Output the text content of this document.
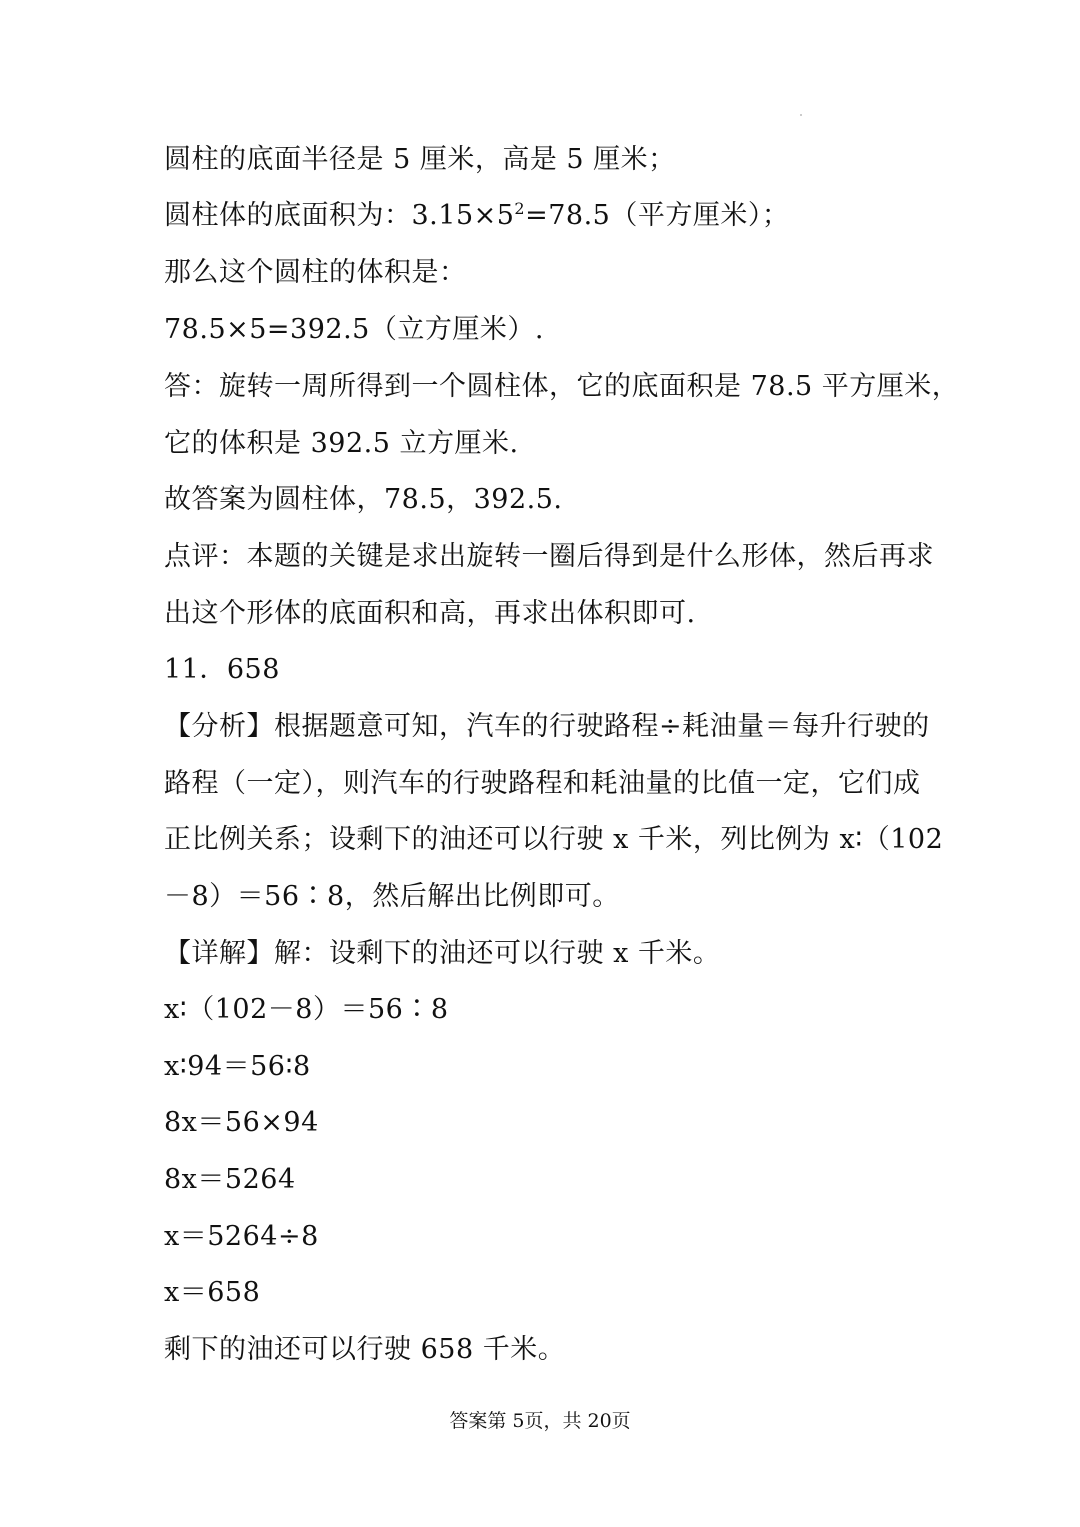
圆柱的底面半径是 5 厘米，高是 5 厘米；
圆柱体的底面积为：$3.15\times 5^2=78.5$（平方厘米）；
那么这个圆柱的体积是：
78.5×5=392.5（立方厘米）.
答：旋转一周所得到一个圆柱体，它的底面积是 78.5 平方厘米，
它的体积是 392.5 立方厘米.
故答案为圆柱体，78.5，392.5.
点评：本题的关键是求出旋转一圈后得到是什么形体，然后再求
出这个形体的底面积和高，再求出体积即可.
11．658
【分析】根据题意可知，汽车的行驶路程÷耗油量＝每升行驶的
路程（一定），则汽车的行驶路程和耗油量的比值一定，它们成
正比例关系；设剩下的油还可以行驶 x 千米，列比例为 x∶（102
－8）＝56∶8，然后解出比例即可。
【详解】解：设剩下的油还可以行驶 x 千米。
x∶（102－8）＝56∶8
x∶94＝56∶8
8x＝56×94
8x＝5264
x＝5264÷8
x＝658
剩下的油还可以行驶 658 千米。
答案第 5页，共 20页
